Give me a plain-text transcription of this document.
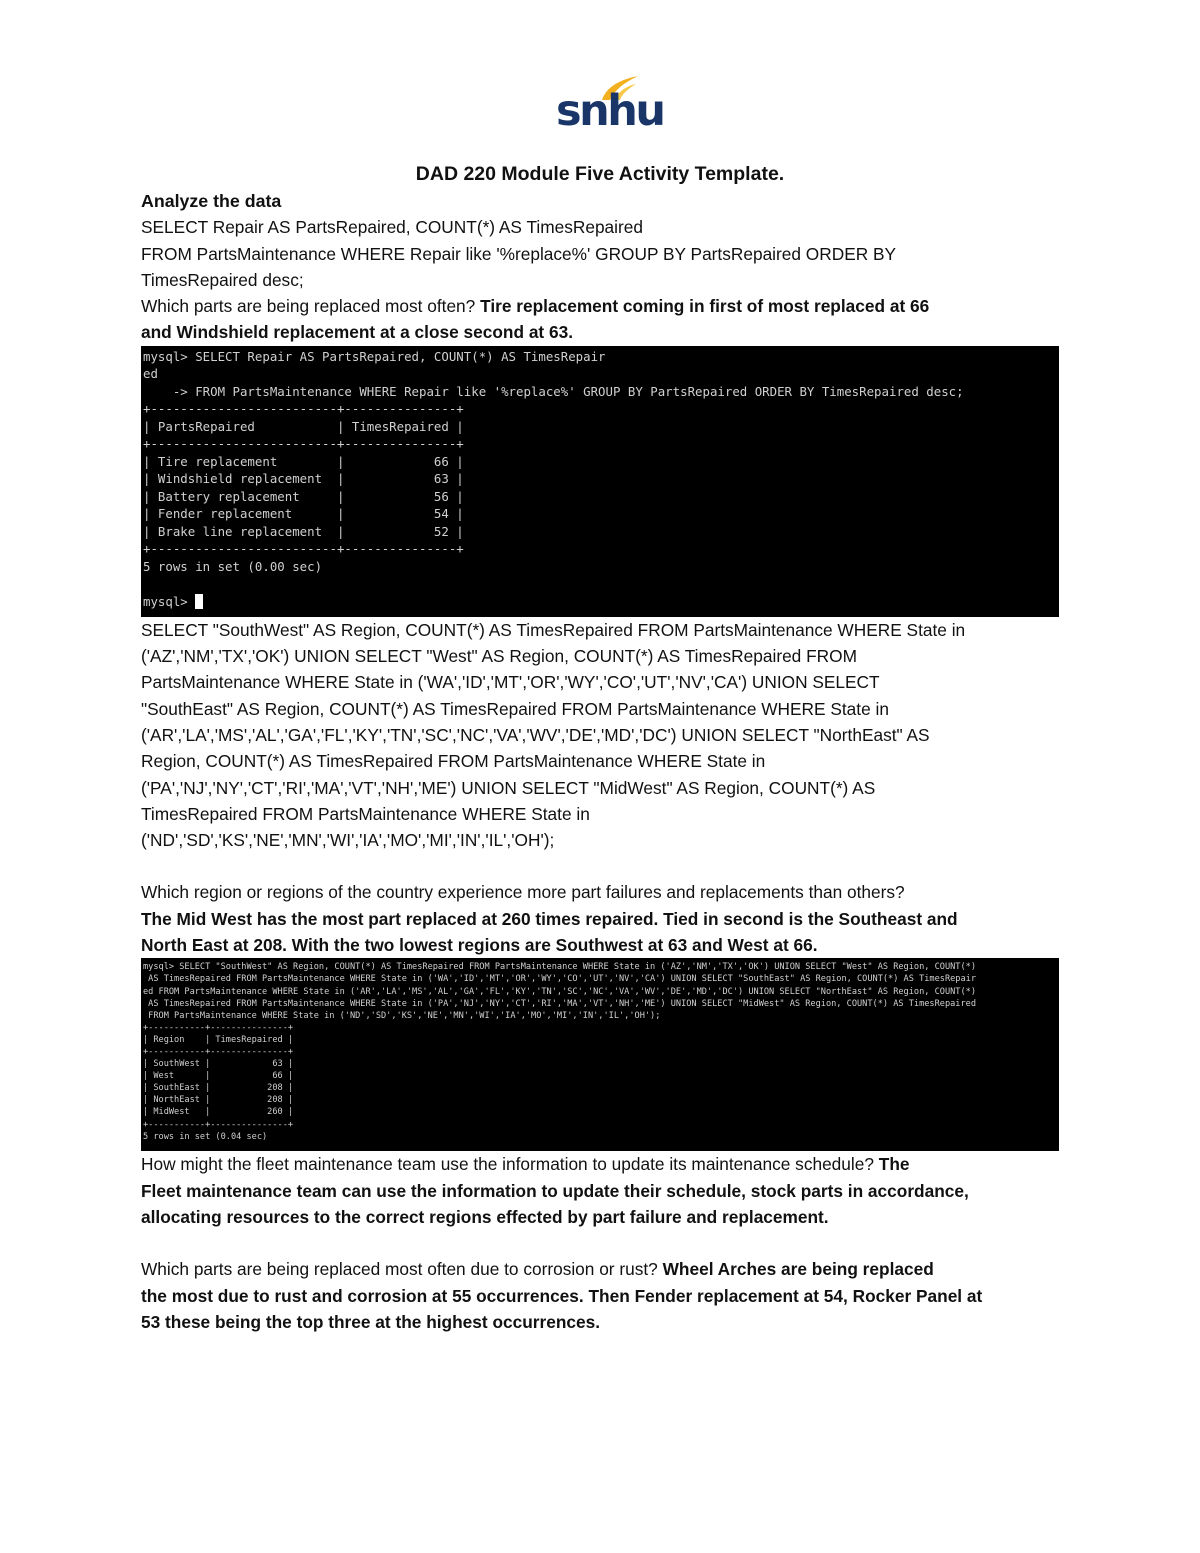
snhu
DAD 220 Module Five Activity Template.

Analyze the data

SELECT Repair AS PartsRepaired, COUNT(*) AS TimesRepaired

FROM PartsMaintenance WHERE Repair like '%replace%' GROUP BY PartsRepaired ORDER BY

TimesRepaired desc;

Which parts are being replaced most often? Tire replacement coming in first of most replaced at 66

and Windshield replacement at a close second at 63.

mysql> SELECT Repair AS PartsRepaired, COUNT(*) AS TimesRepair
ed
-> FROM PartsMaintenance WHERE Repair like '%replace%' GROUP BY PartsRepaired ORDER BY TimesRepaired desc;
+-------------------------+---------------+
| PartsRepaired           | TimesRepaired |
+-------------------------+---------------+
| Tire replacement        |            66 |
| Windshield replacement  |            63 |
| Battery replacement     |            56 |
| Fender replacement      |            54 |
| Brake line replacement  |            52 |
+-------------------------+---------------+
5 rows in set (0.00 sec)

mysql>

SELECT "SouthWest" AS Region, COUNT(*) AS TimesRepaired FROM PartsMaintenance WHERE State in

('AZ','NM','TX','OK') UNION SELECT "West" AS Region, COUNT(*) AS TimesRepaired FROM

PartsMaintenance WHERE State in ('WA','ID','MT','OR','WY','CO','UT','NV','CA') UNION SELECT

"SouthEast" AS Region, COUNT(*) AS TimesRepaired FROM PartsMaintenance WHERE State in

('AR','LA','MS','AL','GA','FL','KY','TN','SC','NC','VA','WV','DE','MD','DC') UNION SELECT "NorthEast" AS

Region, COUNT(*) AS TimesRepaired FROM PartsMaintenance WHERE State in

('PA','NJ','NY','CT','RI','MA','VT','NH','ME') UNION SELECT "MidWest" AS Region, COUNT(*) AS

TimesRepaired FROM PartsMaintenance WHERE State in

('ND','SD','KS','NE','MN','WI','IA','MO','MI','IN','IL','OH');

Which region or regions of the country experience more part failures and replacements than others?

The Mid West has the most part replaced at 260 times repaired. Tied in second is the Southeast and

North East at 208. With the two lowest regions are Southwest at 63 and West at 66.

mysql> SELECT "SouthWest" AS Region, COUNT(*) AS TimesRepaired FROM PartsMaintenance WHERE State in ('AZ','NM','TX','OK') UNION SELECT "West" AS Region, COUNT(*)
AS TimesRepaired FROM PartsMaintenance WHERE State in ('WA','ID','MT','OR','WY','CO','UT','NV','CA') UNION SELECT "SouthEast" AS Region, COUNT(*) AS TimesRepair
ed FROM PartsMaintenance WHERE State in ('AR','LA','MS','AL','GA','FL','KY','TN','SC','NC','VA','WV','DE','MD','DC') UNION SELECT "NorthEast" AS Region, COUNT(*)
AS TimesRepaired FROM PartsMaintenance WHERE State in ('PA','NJ','NY','CT','RI','MA','VT','NH','ME') UNION SELECT "MidWest" AS Region, COUNT(*) AS TimesRepaired
FROM PartsMaintenance WHERE State in ('ND','SD','KS','NE','MN','WI','IA','MO','MI','IN','IL','OH');
+-----------+---------------+
| Region    | TimesRepaired |
+-----------+---------------+
| SouthWest |            63 |
| West      |            66 |
| SouthEast |           208 |
| NorthEast |           208 |
| MidWest   |           260 |
+-----------+---------------+
5 rows in set (0.04 sec)

How might the fleet maintenance team use the information to update its maintenance schedule? The

Fleet maintenance team can use the information to update their schedule, stock parts in accordance,

allocating resources to the correct regions effected by part failure and replacement.

Which parts are being replaced most often due to corrosion or rust? Wheel Arches are being replaced

the most due to rust and corrosion at 55 occurrences. Then Fender replacement at 54, Rocker Panel at

53 these being the top three at the highest occurrences.
